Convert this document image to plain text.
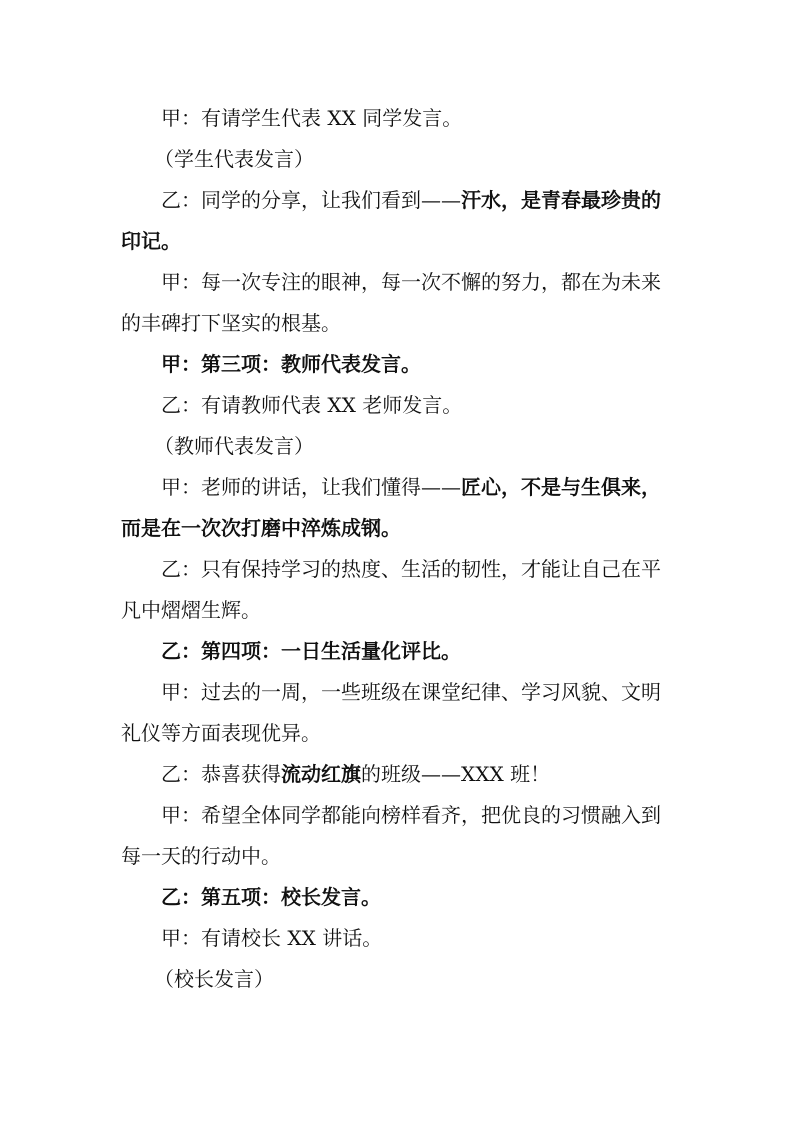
甲：有请学生代表 XX 同学发言。

（学生代表发言）

乙：同学的分享，让我们看到——汗水，是青春最珍贵的印记。

甲：每一次专注的眼神，每一次不懈的努力，都在为未来的丰碑打下坚实的根基。

甲：第三项：教师代表发言。

乙：有请教师代表 XX 老师发言。

（教师代表发言）

甲：老师的讲话，让我们懂得——匠心，不是与生俱来，而是在一次次打磨中淬炼成钢。

乙：只有保持学习的热度、生活的韧性，才能让自己在平凡中熠熠生辉。

乙：第四项：一日生活量化评比。

甲：过去的一周，一些班级在课堂纪律、学习风貌、文明礼仪等方面表现优异。

乙：恭喜获得流动红旗的班级——XXX 班！

甲：希望全体同学都能向榜样看齐，把优良的习惯融入到每一天的行动中。

乙：第五项：校长发言。

甲：有请校长 XX 讲话。

（校长发言）
